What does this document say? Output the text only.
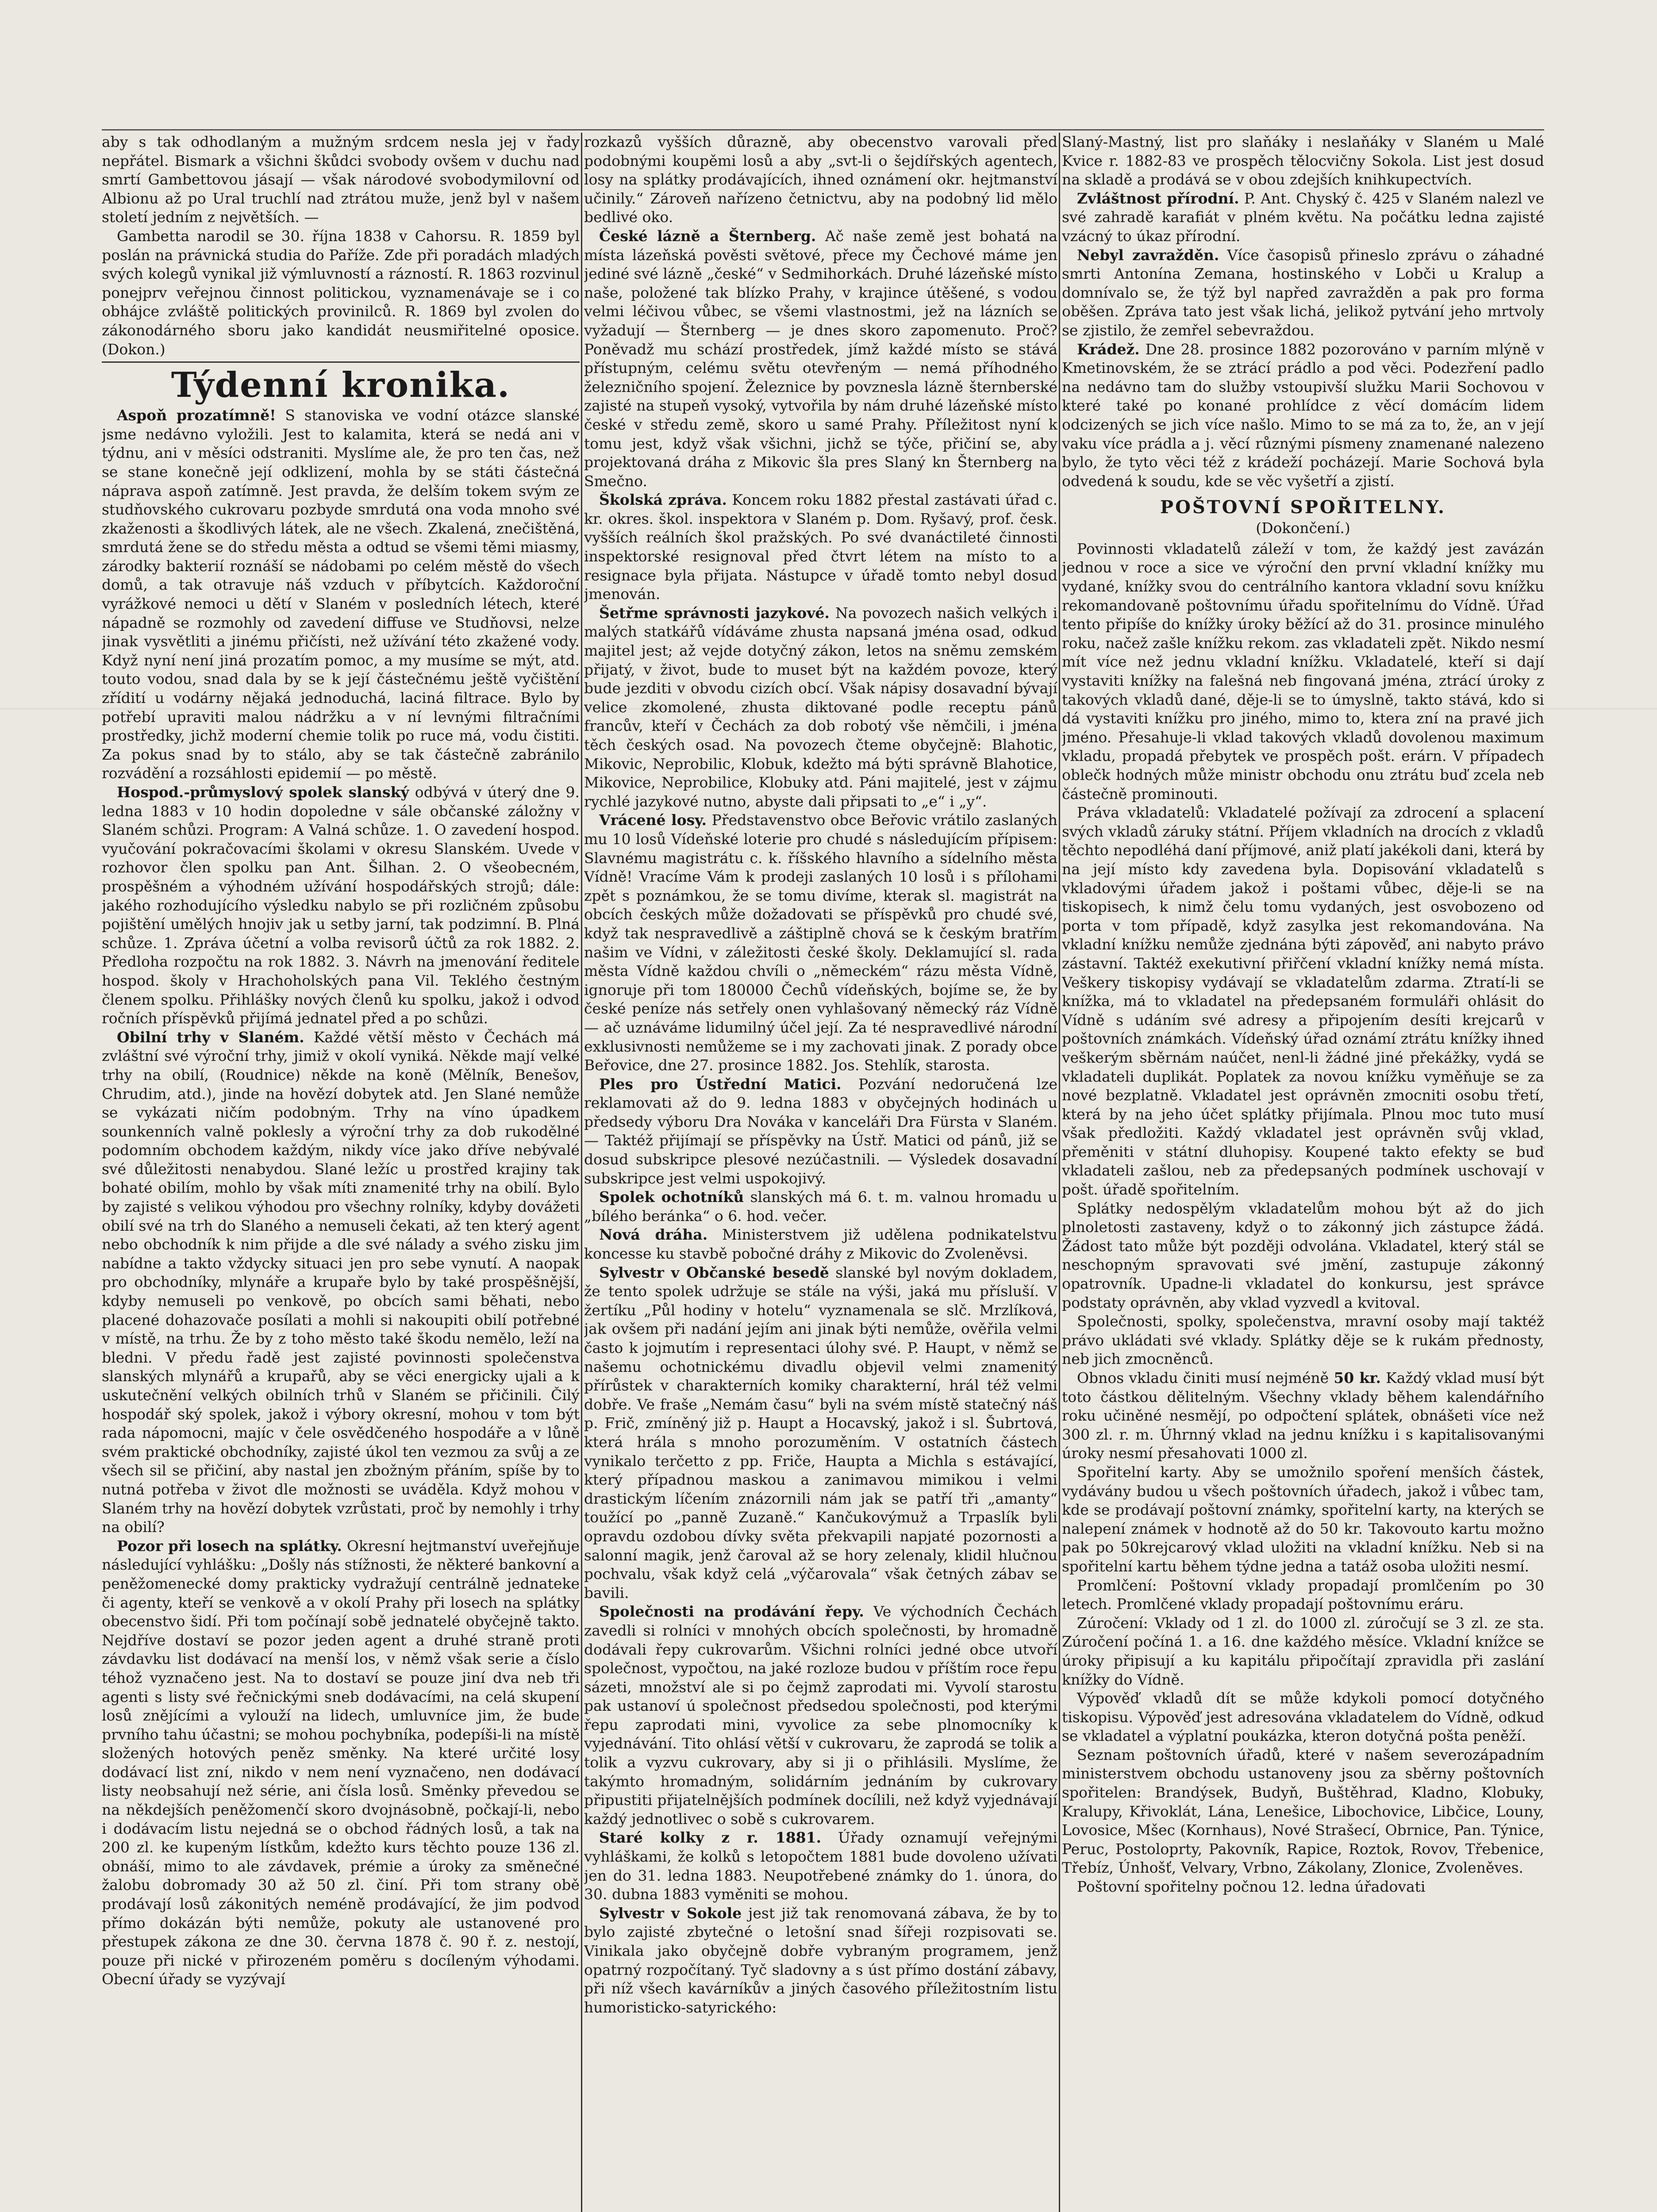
aby s tak odhodlaným a mužným srdcem nesla jej v řady nepřátel. Bismark a všichni škůdci svobody ovšem v duchu nad smrtí Gambettovou jásají — však národové svobodymilovní od Albionu až po Ural truchlí nad ztrátou muže, jenž byl v našem století jedním z největších. —

Gambetta narodil se 30. října 1838 v Cahorsu. R. 1859 byl poslán na právnická studia do Paříže. Zde při poradách mladých svých kolegů vynikal již výmluvností a rázností. R. 1863 rozvinul ponejprv veřejnou činnost politickou, vyznamenávaje se i co obhájce zvláště politických provinilců. R. 1869 byl zvolen do zákonodárného sboru jako kandidát neusmiřitelné oposice. (Dokon.)

Týdenní kronika.

Aspoň prozatímně! S stanoviska ve vodní otázce slanské jsme nedávno vyložili. Jest to kalamita, která se nedá ani v týdnu, ani v měsíci odstraniti. Myslíme ale, že pro ten čas, než se stane konečně její odklizení, mohla by se státi částečná náprava aspoň zatímně. Jest pravda, že delším tokem svým ze studňovského cukrovaru pozbyde smrdutá ona voda mnoho své zkaženosti a škodlivých látek, ale ne všech. Zkalená, znečištěná, smrdutá žene se do středu města a odtud se všemi těmi miasmy, zárodky bakterií roznáší se nádobami po celém městě do všech domů, a tak otravuje náš vzduch v příbytcích. Každoroční vyrážkové nemoci u dětí v Slaném v posledních létech, které nápadně se rozmohly od zavedení diffuse ve Studňovsi, nelze jinak vysvětliti a jinému přičísti, než užívání této zkažené vody. Když nyní není jiná prozatím pomoc, a my musíme se mýt, atd. touto vodou, snad dala by se k její částečnému ještě vyčištění zřídití u vodárny nějaká jednoduchá, laciná filtrace. Bylo by potřebí upraviti malou nádržku a v ní levnými filtračními prostředky, jichž moderní chemie tolik po ruce má, vodu čistiti. Za pokus snad by to stálo, aby se tak částečně zabránilo rozvádění a rozsáhlosti epidemií — po městě.

Hospod.-průmyslový spolek slanský odbývá v úterý dne 9. ledna 1883 v 10 hodin dopoledne v sále občanské záložny v Slaném schůzi. Program: A Valná schůze. 1. O zavedení hospod. vyučování pokračovacími školami v okresu Slanském. Uvede v rozhovor člen spolku pan Ant. Šilhan. 2. O všeobecném, prospěšném a výhodném užívání hospodářských strojů; dále: jakého rozhodujícího výsledku nabylo se při rozličném způsobu pojištění umělých hnojiv jak u setby jarní, tak podzimní. B. Plná schůze. 1. Zpráva účetní a volba revisorů účtů za rok 1882. 2. Předloha rozpočtu na rok 1882. 3. Návrh na jmenování ředitele hospod. školy v Hrachoholských pana Vil. Teklého čestným členem spolku. Přihlášky nových členů ku spolku, jakož i odvod ročních příspěvků přijímá jednatel před a po schůzi.

Obilní trhy v Slaném. Každé větší město v Čechách má zvláštní své výroční trhy, jimiž v okolí vyniká. Někde mají velké trhy na obilí, (Roudnice) někde na koně (Mělník, Benešov, Chrudim, atd.), jinde na hovězí dobytek atd. Jen Slané nemůže se vykázati ničím podobným. Trhy na víno úpadkem sounkenních valně poklesly a výroční trhy za dob rukodělné podomním obchodem každým, nikdy více jako dříve nebývalé své důležitosti nenabydou. Slané ležíc u prostřed krajiny tak bohaté obilím, mohlo by však míti znamenité trhy na obilí. Bylo by zajisté s velikou výhodou pro všechny rolníky, kdyby dovážeti obilí své na trh do Slaného a nemuseli čekati, až ten který agent nebo obchodník k nim přijde a dle své nálady a svého zisku jim nabídne a takto vždycky situaci jen pro sebe vynutí. A naopak pro obchodníky, mlynáře a krupaře bylo by také prospěšnější, kdyby nemuseli po venkově, po obcích sami běhati, nebo placené dohazovače posílati a mohli si nakoupiti obilí potřebné v místě, na trhu. Že by z toho město také škodu nemělo, leží na bledni. V předu řadě jest zajisté povinnosti společenstva slanských mlynářů a krupařů, aby se věci energicky ujali a k uskutečnění velkých obilních trhů v Slaném se přičinili. Čilý hospodář ský spolek, jakož i výbory okresní, mohou v tom být rada nápomocni, majíc v čele osvědčeného hospodáře a v lůně svém praktické obchodníky, zajisté úkol ten vezmou za svůj a ze všech sil se přičiní, aby nastal jen zbožným přáním, spíše by to nutná potřeba v život dle možnosti se uváděla. Když mohou v Slaném trhy na hovězí dobytek vzrůstati, proč by nemohly i trhy na obilí?

Pozor při losech na splátky. Okresní hejtmanství uveřejňuje následující vyhlášku: „Došly nás stížnosti, že některé bankovní a peněžomenecké domy prakticky vydražují centrálně jednateke či agenty, kteří se venkově a v okolí Prahy při losech na splátky obecenstvo šidí. Při tom počínají sobě jednatelé obyčejně takto. Nejdříve dostaví se pozor jeden agent a druhé straně proti závdavku list dodávací na menší los, v němž však serie a číslo téhož vyznačeno jest. Na to dostaví se pouze jiní dva neb tři agenti s listy své řečnickými sneb dodávacími, na celá skupení losů znějícími a vylouží na lidech, umluvníce jim, že bude prvního tahu účastni; se mohou pochybníka, podepíši-li na místě složených hotových peněz směnky. Na které určité losy dodávací list zní, nikdo v nem není vyznačeno, nen dodávací listy neobsahují než série, ani čísla losů. Směnky převedou se na někdejších peněžomenčí skoro dvojnásobně, počkají-li, nebo i dodávacím listu nejedná se o obchod řádných losů, a tak na 200 zl. ke kupeným lístkům, kdežto kurs těchto pouze 136 zl. obnáší, mimo to ale závdavek, prémie a úroky za směnečné žalobu dobromady 30 až 50 zl. činí. Při tom strany obě prodávají losů zákonitých neméně prodávající, že jim podvod přímo dokázán býti nemůže, pokuty ale ustanovené pro přestupek zákona ze dne 30. června 1878 č. 90 ř. z. nestojí, pouze při nické v přirozeném poměru s docíleným výhodami. Obecní úřady se vyzývají

rozkazů vyšších důrazně, aby obecenstvo varovali před podobnými koupěmi losů a aby „svt-li o šejdířských agentech, losy na splátky prodávajících, ihned oznámení okr. hejtmanství učinily.“ Zároveň nařízeno četnictvu, aby na podobný lid mělo bedlivé oko.

České lázně a Šternberg. Ač naše země jest bohatá na místa lázeňská pověsti světové, přece my Čechové máme jen jediné své lázně „české“ v Sedmihorkách. Druhé lázeňské místo naše, položené tak blízko Prahy, v krajince útěšené, s vodou velmi léčivou vůbec, se všemi vlastnostmi, jež na lázních se vyžadují — Šternberg — je dnes skoro zapomenuto. Proč? Poněvadž mu schází prostředek, jímž každé místo se stává přístupným, celému světu otevřeným — nemá příhodného železničního spojení. Železnice by povznesla lázně šternberské zajisté na stupeň vysoký, vytvořila by nám druhé lázeňské místo české v středu země, skoro u samé Prahy. Příležitost nyní k tomu jest, když však všichni, jichž se týče, přičiní se, aby projektovaná dráha z Mikovic šla pres Slaný kn Šternberg na Smečno.

Školská zpráva. Koncem roku 1882 přestal zastávati úřad c. kr. okres. škol. inspektora v Slaném p. Dom. Ryšavý, prof. česk. vyšších reálních škol pražských. Po své dvanáctileté činnosti inspektorské resignoval před čtvrt létem na místo to a resignace byla přijata. Nástupce v úřadě tomto nebyl dosud jmenován.

Šetřme správnosti jazykové. Na povozech našich velkých i malých statkářů vídáváme zhusta napsaná jména osad, odkud majitel jest; až vejde dotyčný zákon, letos na sněmu zemském přijatý, v život, bude to muset být na každém povoze, který bude jezditi v obvodu cizích obcí. Však nápisy dosavadní bývají velice zkomolené, zhusta diktované podle receptu pánů francův, kteří v Čechách za dob robotý vše němčili, i jména těch českých osad. Na povozech čteme obyčejně: Blahotic, Mikovic, Neprobilic, Klobuk, kdežto má býti správně Blahotice, Mikovice, Neprobilice, Klobuky atd. Páni majitelé, jest v zájmu rychlé jazykové nutno, abyste dali připsati to „e“ i „y“.

Vrácené losy. Představenstvo obce Beřovic vrátilo zaslaných mu 10 losů Vídeňské loterie pro chudé s následujícím přípisem: Slavnému magistrátu c. k. říšského hlavního a sídelního města Vídně! Vracíme Vám k prodeji zaslaných 10 losů i s přílohami zpět s poznámkou, že se tomu divíme, kterak sl. magistrát na obcích českých může dožadovati se příspěvků pro chudé své, když tak nespravedlivě a záštiplně chová se k českým bratřím našim ve Vídni, v záležitosti české školy. Deklamující sl. rada města Vídně každou chvíli o „německém“ rázu města Vídně, ignoruje při tom 180000 Čechů vídeňských, bojíme se, že by české peníze nás setřely onen vyhlašovaný německý ráz Vídně — ač uznáváme lidumilný účel její. Za té nespravedlivé národní exklusivnosti nemůžeme se i my zachovati jinak. Z porady obce Beřovice, dne 27. prosince 1882. Jos. Stehlík, starosta.

Ples pro Ústřední Matici. Pozvání nedoručená lze reklamovati až do 9. ledna 1883 v obyčejných hodinách u předsedy výboru Dra Nováka v kanceláři Dra Fürsta v Slaném. — Taktéž přijímají se příspěvky na Ústř. Matici od pánů, již se dosud subskripce plesové nezúčastnili. — Výsledek dosavadní subskripce jest velmi uspokojivý.

Spolek ochotníků slanských má 6. t. m. valnou hromadu u „bílého beránka“ o 6. hod. večer.

Nová dráha. Ministerstvem již udělena podnikatelstvu koncesse ku stavbě pobočné dráhy z Mikovic do Zvoleněvsi.

Sylvestr v Občanské besedě slanské byl novým dokladem, že tento spolek udržuje se stále na výši, jaká mu přísluší. V žertíku „Půl hodiny v hotelu“ vyznamenala se slč. Mrzlíková, jak ovšem při nadání jejím ani jinak býti nemůže, ověřila velmi často k jojmutím i representaci úlohy své. P. Haupt, v němž se našemu ochotnickému divadlu objevil velmi znamenitý přírůstek v charakterních komiky charakterní, hrál též velmi dobře. Ve fraše „Nemám času“ byli na svém místě statečný náš p. Frič, zmíněný již p. Haupt a Hocavský, jakož i sl. Šubrtová, která hrála s mnoho porozuměním. V ostatních částech vynikalo terčetto z pp. Friče, Haupta a Michla s estávající, který případnou maskou a zanimavou mimikou i velmi drastickým líčením znázornili nám jak se patří tři „amanty“ toužící po „panně Zuzaně.“ Kančukovýmuž a Trpaslík byli opravdu ozdobou dívky světa překvapili napjaté pozornosti a salonní magik, jenž čaroval až se hory zelenaly, klidil hlučnou pochvalu, však když celá „výčarovala“ však četných zábav se bavili.

Společnosti na prodávání řepy. Ve východních Čechách zavedli si rolníci v mnohých obcích společnosti, by hromadně dodávali řepy cukrovarům. Všichni rolníci jedné obce utvoří společnost, vypočtou, na jaké rozloze budou v příštím roce řepu sázeti, množství ale si po čejmž zaprodati mi. Vyvolí starostu pak ustanoví ú společnost předsedou společnosti, pod kterými řepu zaprodati mini, vyvolice za sebe plnomocníky k vyjednávání. Tito ohlásí větší v cukrovaru, že zaprodá se tolik a tolik a vyzvu cukrovary, aby si ji o přihlásili. Myslíme, že takýmto hromadným, solidárním jednáním by cukrovary připustiti přijatelnějších podmínek docílili, než když vyjednávají každý jednotlivec o sobě s cukrovarem.

Staré kolky z r. 1881. Úřady oznamují veřejnými vyhláškami, že kolků s letopočtem 1881 bude dovoleno užívati jen do 31. ledna 1883. Neupotřebené známky do 1. února, do 30. dubna 1883 vyměniti se mohou.

Sylvestr v Sokole jest již tak renomovaná zábava, že by to bylo zajisté zbytečné o letošní snad šířeji rozpisovati se. Vinikala jako obyčejně dobře vybraným programem, jenž opatrný rozpočítaný. Tyč sladovny a s úst přímo dostání zábavy, při níž všech kavárníkův a jiných časového příležitostním listu humoristicko-satyrického:

Slaný-Mastný, list pro slaňáky i neslaňáky v Slaném u Malé Kvice r. 1882-83 ve prospěch tělocvičny Sokola. List jest dosud na skladě a prodává se v obou zdejších knihkupectvích.

Zvláštnost přírodní. P. Ant. Chyský č. 425 v Slaném nalezl ve své zahradě karafiát v plném květu. Na počátku ledna zajisté vzácný to úkaz přírodní.

Nebyl zavražděn. Více časopisů přineslo zprávu o záhadné smrti Antonína Zemana, hostinského v Lobči u Kralup a domnívalo se, že týž byl napřed zavražděn a pak pro forma oběšen. Zpráva tato jest však lichá, jelikož pytvání jeho mrtvoly se zjistilo, že zemřel sebevraždou.

Krádež. Dne 28. prosince 1882 pozorováno v parním mlýně v Kmetinovském, že se ztrácí prádlo a pod věci. Podezření padlo na nedávno tam do služby vstoupivší služku Marii Sochovou v které také po konané prohlídce z věcí domácím lidem odcizených se jich více našlo. Mimo to se má za to, že, an v její vaku více prádla a j. věcí různými písmeny znamenané nalezeno bylo, že tyto věci též z krádeží pocházejí. Marie Sochová byla odvedená k soudu, kde se věc vyšetří a zjistí.

POŠTOVNÍ SPOŘITELNY.
(Dokončení.)

Povinnosti vkladatelů záleží v tom, že každý jest zavázán jednou v roce a sice ve výroční den první vkladní knížky mu vydané, knížky svou do centrálního kantora vkladní sovu knížku rekomandovaně poštovnímu úřadu spořitelnímu do Vídně. Úřad tento připíše do knížky úroky běžící až do 31. prosince minulého roku, načež zašle knížku rekom. zas vkladateli zpět. Nikdo nesmí mít více než jednu vkladní knížku. Vkladatelé, kteří si dají vystaviti knížky na falešná neb fingovaná jména, ztrácí úroky z takových vkladů dané, děje-li se to úmyslně, takto stává, kdo si dá vystaviti knížku pro jiného, mimo to, ktera zní na pravé jich jméno. Přesahuje-li vklad takových vkladů dovolenou maximum vkladu, propadá přebytek ve prospěch pošt. erárn. V případech oblečk hodných může ministr obchodu onu ztrátu buď zcela neb částečně prominouti.

Práva vkladatelů: Vkladatelé požívají za zdrocení a splacení svých vkladů záruky státní. Příjem vkladních na drocích z vkladů těchto nepodléhá daní příjmové, aniž platí jakékoli dani, která by na její místo kdy zavedena byla. Dopisování vkladatelů s vkladovými úřadem jakož i poštami vůbec, děje-li se na tiskopisech, k nimž čelu tomu vydaných, jest osvobozeno od porta v tom případě, když zasylka jest rekomandována. Na vkladní knížku nemůže zjednána býti zápověď, ani nabyto právo zástavní. Taktéž exekutivní přiřčení vkladní knížky nemá místa. Veškery tiskopisy vydávají se vkladatelům zdarma. Ztratí-li se knížka, má to vkladatel na předepsaném formuláři ohlásit do Vídně s udáním své adresy a připojením desíti krejcarů v poštovních známkách. Vídeňský úřad oznámí ztrátu knížky ihned veškerým sběrnám naúčet, nenl-li žádné jiné překážky, vydá se vkladateli duplikát. Poplatek za novou knížku vyměňuje se za nové bezplatně. Vkladatel jest oprávněn zmocniti osobu třetí, která by na jeho účet splátky přijímala. Plnou moc tuto musí však předložiti. Každý vkladatel jest oprávněn svůj vklad, přeměniti v státní dluhopisy. Koupené takto efekty se buď vkladateli zašlou, neb za předepsaných podmínek uschovají v pošt. úřadě spořitelním.

Splátky nedospělým vkladatelům mohou být až do jich plnoletosti zastaveny, když o to zákonný jich zástupce žádá. Žádost tato může být později odvolána. Vkladatel, který stál se neschopným spravovati své jmění, zastupuje zákonný opatrovník. Upadne-li vkladatel do konkursu, jest správce podstaty oprávněn, aby vklad vyzvedl a kvitoval.

Společnosti, spolky, společenstva, mravní osoby mají taktéž právo ukládati své vklady. Splátky děje se k rukám přednosty, neb jich zmocněnců.

Obnos vkladu činiti musí nejméně 50 kr. Každý vklad musí být toto částkou dělitelným. Všechny vklady během kalendářního roku učiněné nesmějí, po odpočtení splátek, obnášeti více než 300 zl. r. m. Úhrnný vklad na jednu knížku i s kapitalisovanými úroky nesmí přesahovati 1000 zl.

Spořitelní karty. Aby se umožnilo spoření menších částek, vydávány budou u všech poštovních úřadech, jakož i vůbec tam, kde se prodávají poštovní známky, spořitelní karty, na kterých se nalepení známek v hodnotě až do 50 kr. Takovouto kartu možno pak po 50krejcarový vklad uložiti na vkladní knížku. Neb si na spořitelní kartu během týdne jedna a tatáž osoba uložiti nesmí.

Promlčení: Poštovní vklady propadají promlčením po 30 letech. Promlčené vklady propadají poštovnímu eráru.

Zúročení: Vklady od 1 zl. do 1000 zl. zúročují se 3 zl. ze sta. Zúročení počíná 1. a 16. dne každého měsíce. Vkladní knížce se úroky připisují a ku kapitálu připočítají zpravidla při zaslání knížky do Vídně.

Výpověď vkladů dít se může kdykoli pomocí dotyčného tiskopisu. Výpověď jest adresována vkladatelem do Vídně, odkud se vkladatel a výplatní poukázka, kteron dotyčná pošta peněží.

Seznam poštovních úřadů, které v našem severozápadním ministerstvem obchodu ustanoveny jsou za sběrny poštovních spořitelen: Brandýsek, Budyň, Buštěhrad, Kladno, Klobuky, Kralupy, Křivoklát, Lána, Lenešice, Libochovice, Libčice, Louny, Lovosice, Mšec (Kornhaus), Nové Strašecí, Obrnice, Pan. Týnice, Peruc, Postoloprty, Pakovník, Rapice, Roztok, Rovov, Třebenice, Třebíz, Únhošť, Velvary, Vrbno, Zákolany, Zlonice, Zvoleněves.

Poštovní spořitelny počnou 12. ledna úřadovati
